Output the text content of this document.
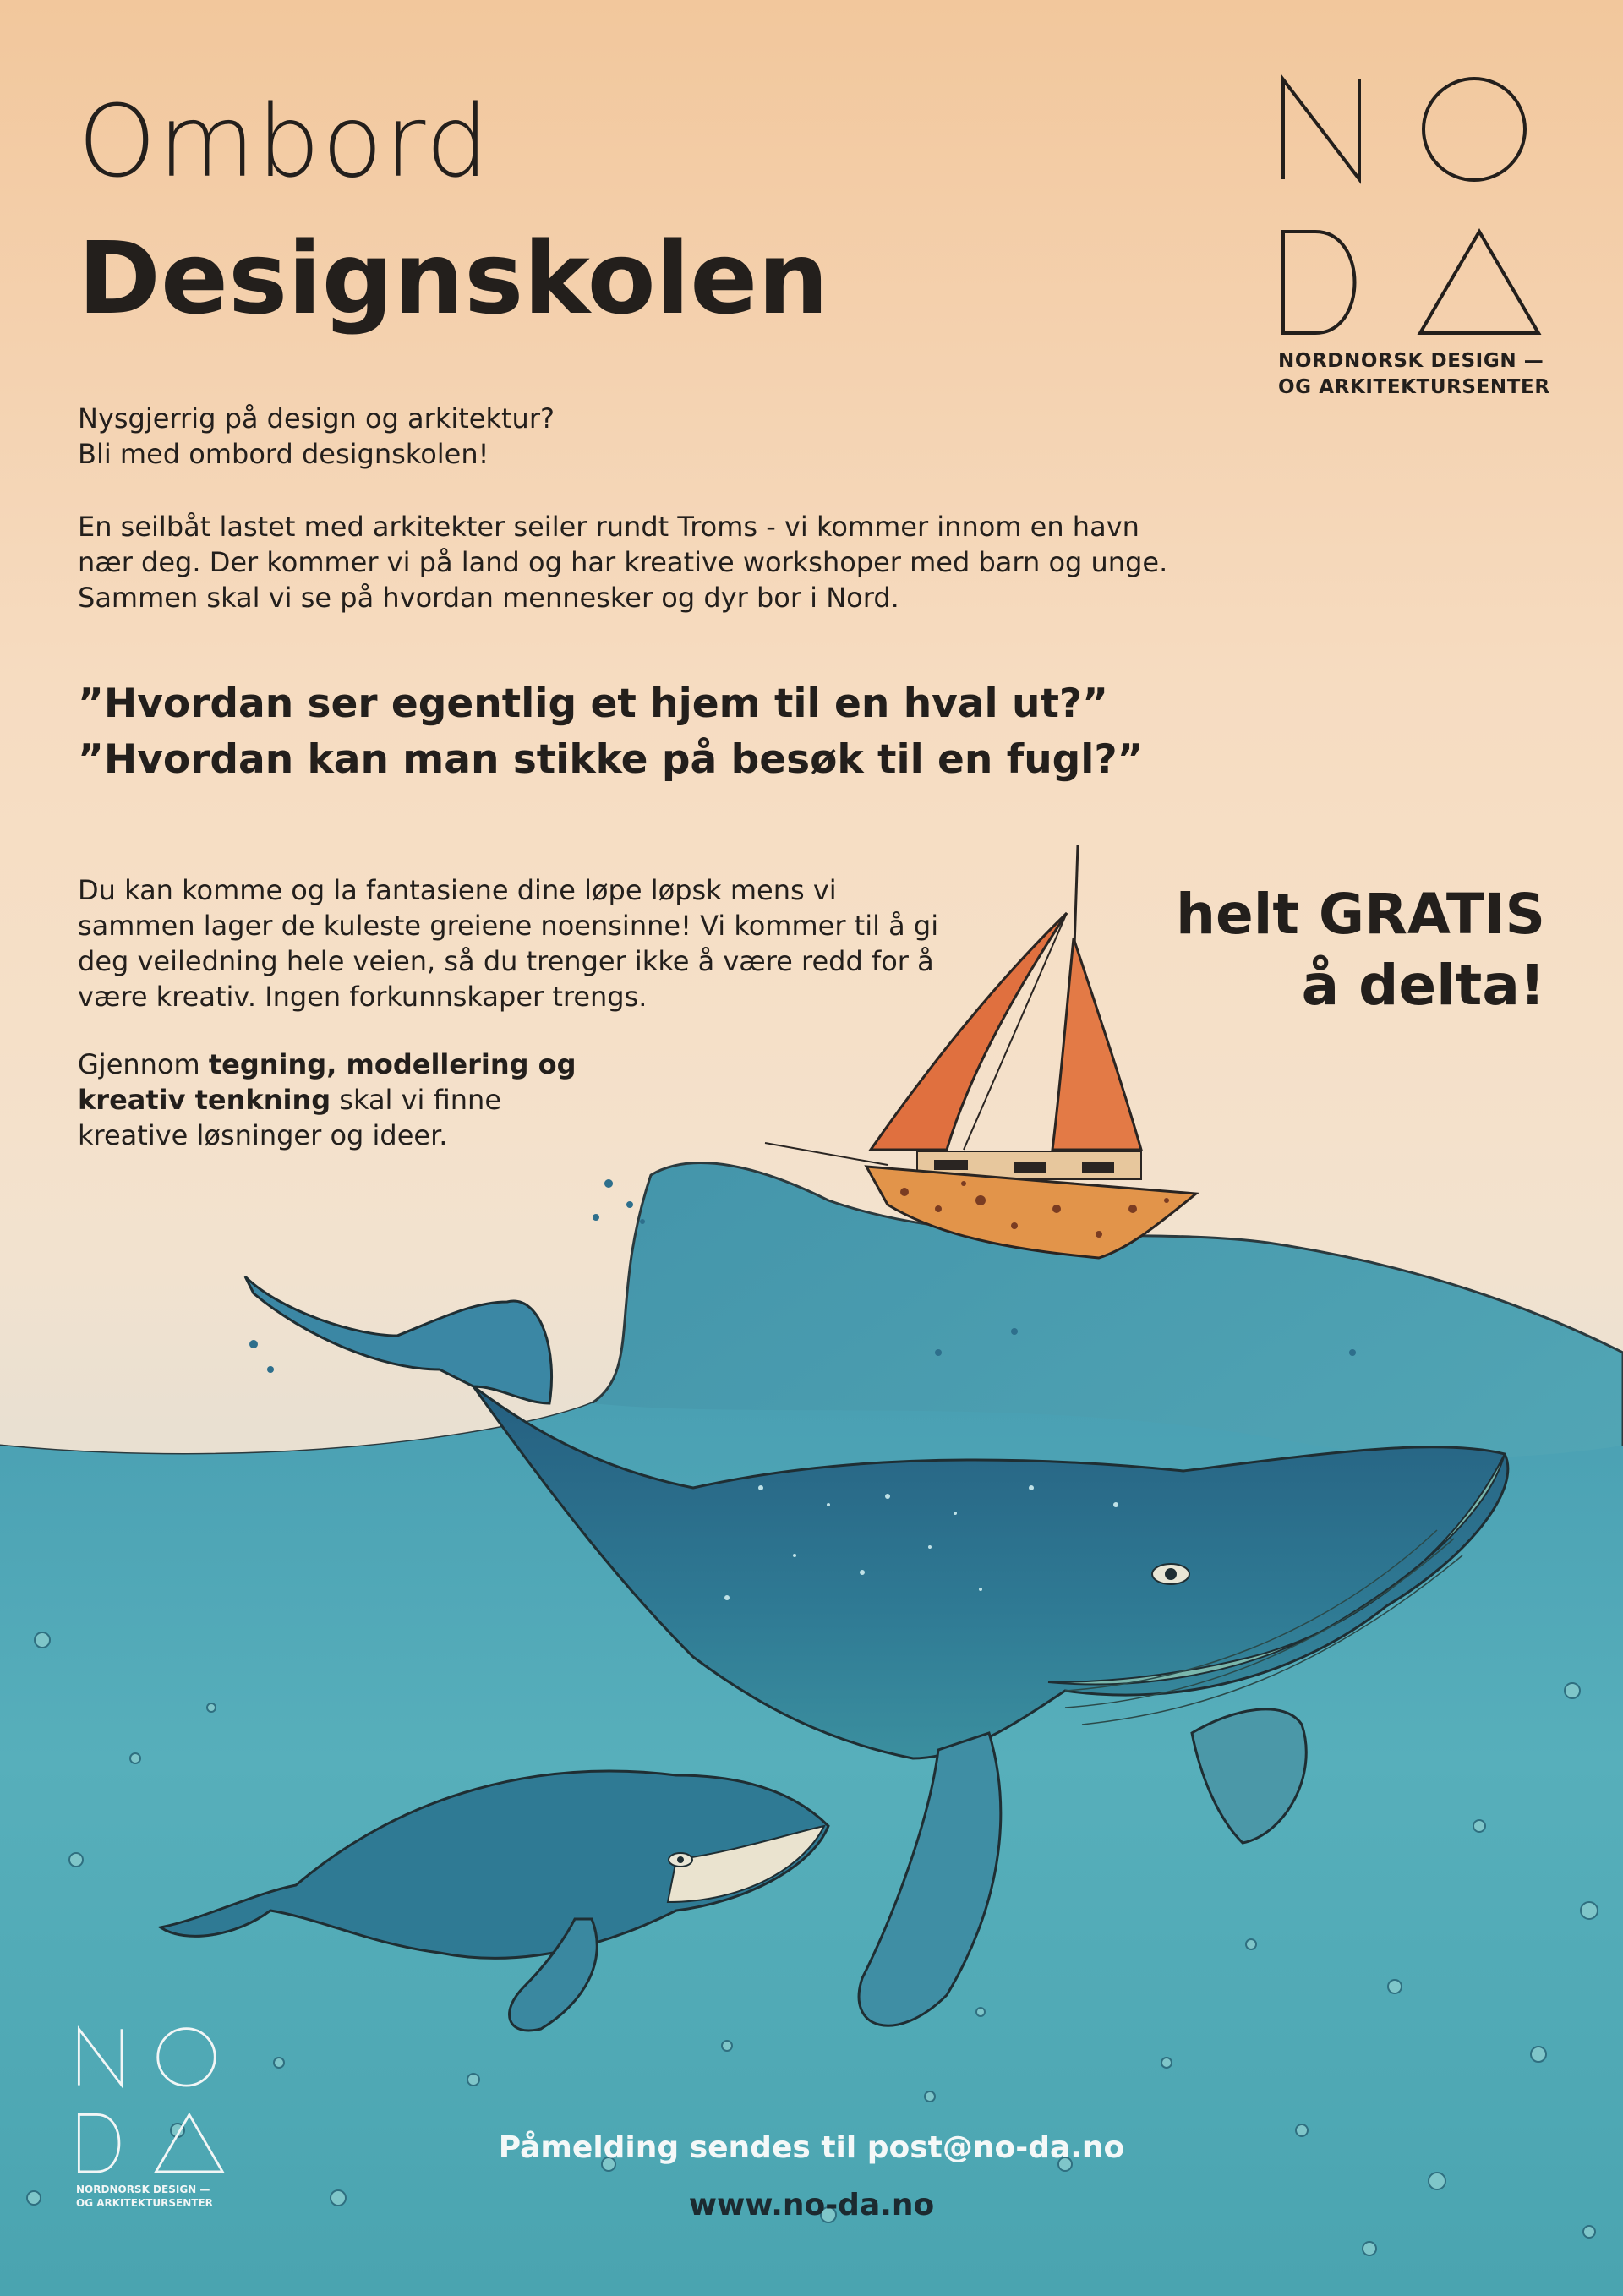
Ombord
Designskolen

Nysgjerrig på design og arkitektur?
Bli med ombord designskolen!

En seilbåt lastet med arkitekter seiler rundt Troms - vi kommer innom en havn
nær deg. Der kommer vi på land og har kreative workshoper med barn og unge.
Sammen skal vi se på hvordan mennesker og dyr bor i Nord.

”Hvordan ser egentlig et hjem til en hval ut?”

”Hvordan kan man stikke på besøk til en fugl?”

Du kan komme og la fantasiene dine løpe løpsk mens vi
sammen lager de kuleste greiene noensinne! Vi kommer til å gi
deg veiledning hele veien, så du trenger ikke å være redd for å
være kreativ. Ingen forkunnskaper trengs.

Gjennom tegning, modellering og kreativ tenkning skal vi finne kreative løsninger og ideer.

helt GRATIS
å delta!

NORDNORSK DESIGN —
OG ARKITEKTURSENTER
NORDNORSK DESIGN —
OG ARKITEKTURSENTER

Påmelding sendes til post@no-da.no

www.no-da.no
